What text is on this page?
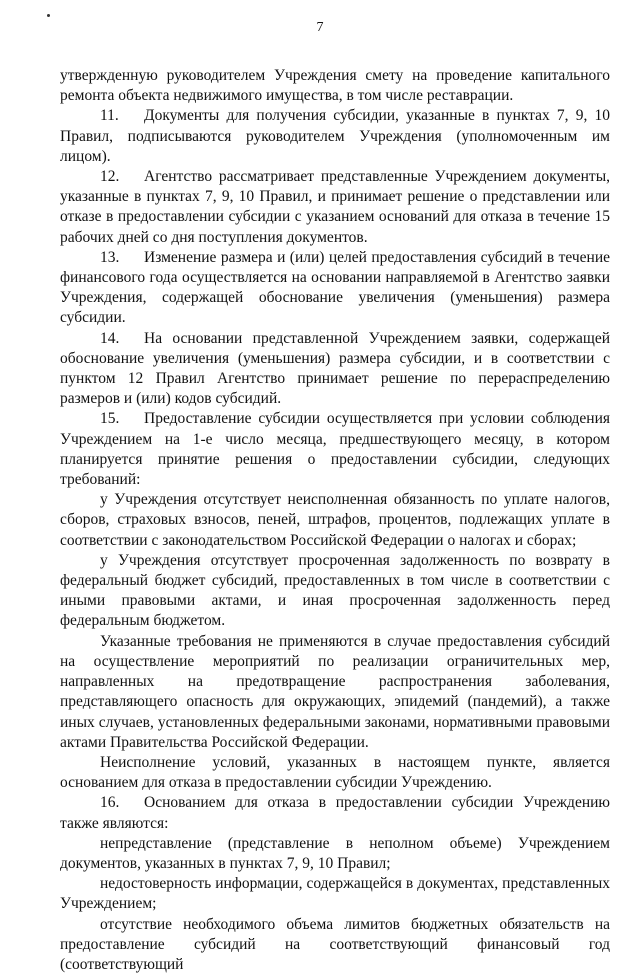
7

утвержденную руководителем Учреждения смету на проведение капитального ремонта объекта недвижимого имущества, в том числе реставрации.

11. Документы для получения субсидии, указанные в пунктах 7, 9, 10 Правил, подписываются руководителем Учреждения (уполномоченным им лицом).

12. Агентство рассматривает представленные Учреждением документы, указанные в пунктах 7, 9, 10 Правил, и принимает решение о представлении или отказе в предоставлении субсидии с указанием оснований для отказа в течение 15 рабочих дней со дня поступления документов.

13. Изменение размера и (или) целей предоставления субсидий в течение финансового года осуществляется на основании направляемой в Агентство заявки Учреждения, содержащей обоснование увеличения (уменьшения) размера субсидии.

14. На основании представленной Учреждением заявки, содержащей обоснование увеличения (уменьшения) размера субсидии, и в соответствии с пунктом 12 Правил Агентство принимает решение по перераспределению размеров и (или) кодов субсидий.

15. Предоставление субсидии осуществляется при условии соблюдения Учреждением на 1-е число месяца, предшествующего месяцу, в котором планируется принятие решения о предоставлении субсидии, следующих требований:

у Учреждения отсутствует неисполненная обязанность по уплате налогов, сборов, страховых взносов, пеней, штрафов, процентов, подлежащих уплате в соответствии с законодательством Российской Федерации о налогах и сборах;

у Учреждения отсутствует просроченная задолженность по возврату в федеральный бюджет субсидий, предоставленных в том числе в соответствии с иными правовыми актами, и иная просроченная задолженность перед федеральным бюджетом.

Указанные требования не применяются в случае предоставления субсидий на осуществление мероприятий по реализации ограничительных мер, направленных на предотвращение распространения заболевания, представляющего опасность для окружающих, эпидемий (пандемий), а также иных случаев, установленных федеральными законами, нормативными правовыми актами Правительства Российской Федерации.

Неисполнение условий, указанных в настоящем пункте, является основанием для отказа в предоставлении субсидии Учреждению.

16. Основанием для отказа в предоставлении субсидии Учреждению также являются:

непредставление (представление в неполном объеме) Учреждением документов, указанных в пунктах 7, 9, 10 Правил;

недостоверность информации, содержащейся в документах, представленных Учреждением;

отсутствие необходимого объема лимитов бюджетных обязательств на предоставление субсидий на соответствующий финансовый год (соответствующий
